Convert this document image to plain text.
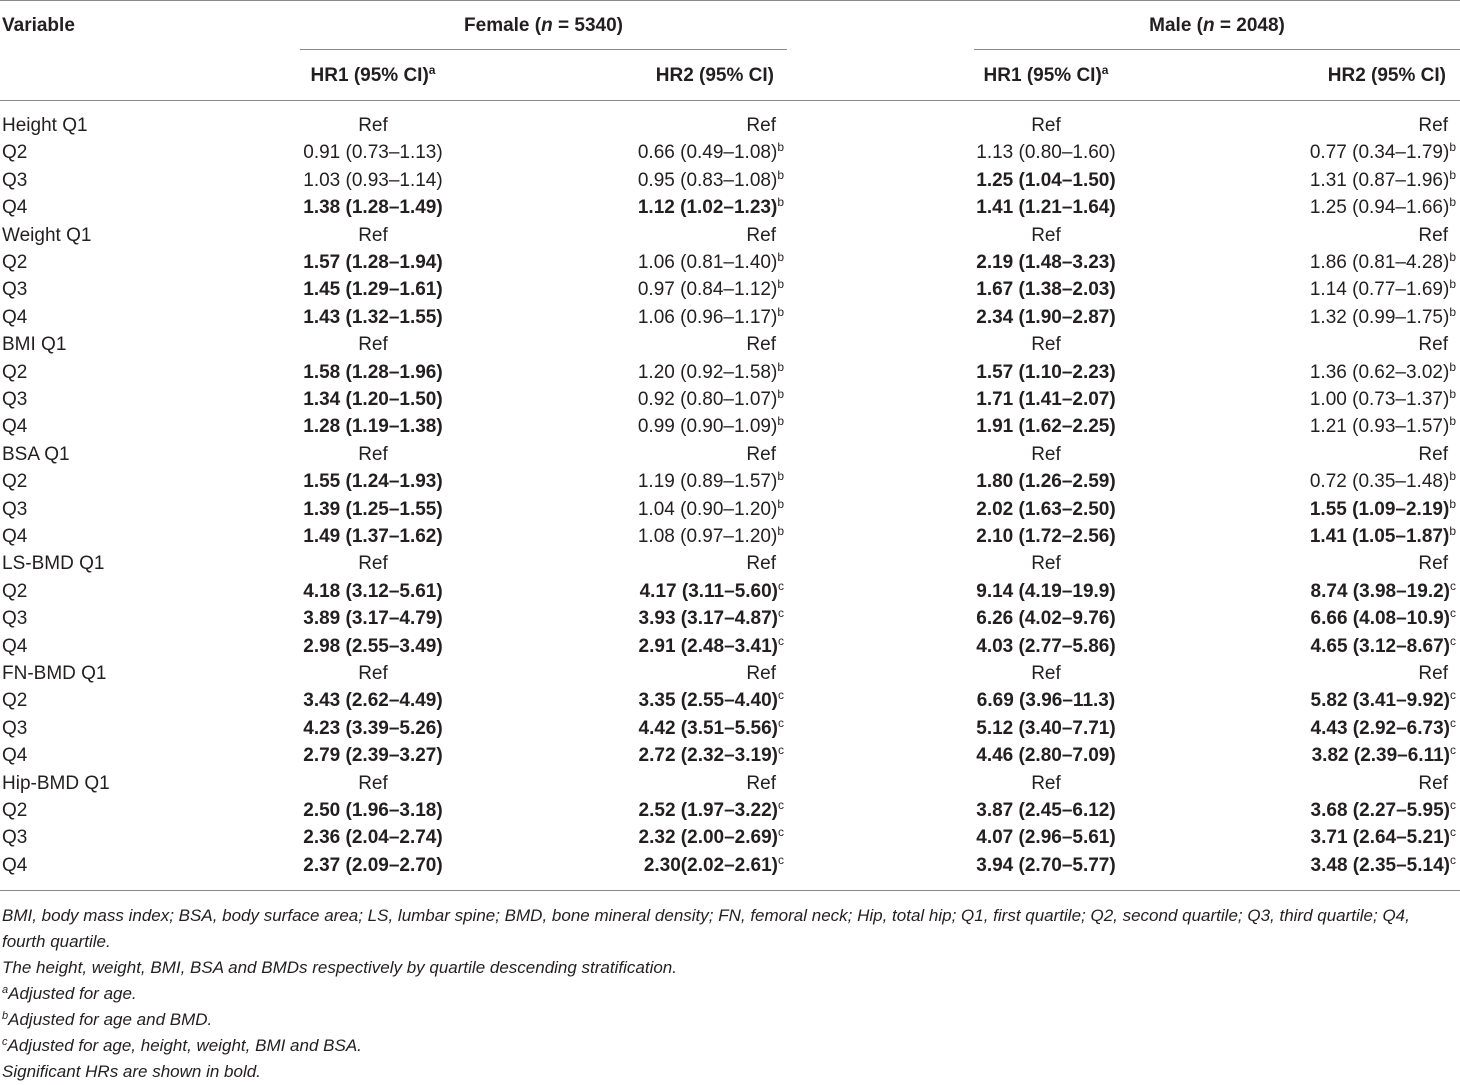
Variable	Female (n = 5340)	Male (n = 2048)
HR1 (95% CI)$^a$	HR2 (95% CI)	HR1 (95% CI)$^a$	HR2 (95% CI)
Height Q1	Ref	Ref	Ref	Ref
Q2	0.91 (0.73–1.13)	0.66 $(0.49-1.08)^b$	1.13 (0.80–1.60)	0.77 $(0.34-1.79)^b$
Q3	1.03 (0.93–1.14)	0.95 $(0.83-1.08)^b$	1.25 (1.04–1.50)	1.31 $(0.87-1.96)^b$
Q4	1.38 (1.28–1.49)	1.12 $(1.02-1.23)^b$	1.41 (1.21–1.64)	1.25 $(0.94-1.66)^b$
Weight Q1	Ref	Ref	Ref	Ref
Q2	1.57 (1.28–1.94)	1.06 $(0.81-1.40)^b$	2.19 (1.48–3.23)	1.86 $(0.81-4.28)^b$
Q3	1.45 (1.29–1.61)	0.97 $(0.84-1.12)^b$	1.67 (1.38–2.03)	1.14 $(0.77-1.69)^b$
Q4	1.43 (1.32–1.55)	1.06 $(0.96-1.17)^b$	2.34 (1.90–2.87)	1.32 $(0.99-1.75)^b$
BMI Q1	Ref	Ref	Ref	Ref
Q2	1.58 (1.28–1.96)	1.20 $(0.92-1.58)^b$	1.57 (1.10–2.23)	1.36 $(0.62-3.02)^b$
Q3	1.34 (1.20–1.50)	0.92 $(0.80-1.07)^b$	1.71 (1.41–2.07)	1.00 $(0.73-1.37)^b$
Q4	1.28 (1.19–1.38)	0.99 $(0.90-1.09)^b$	1.91 (1.62–2.25)	1.21 $(0.93-1.57)^b$
BSA Q1	Ref	Ref	Ref	Ref
Q2	1.55 (1.24–1.93)	1.19 $(0.89-1.57)^b$	1.80 (1.26–2.59)	0.72 $(0.35-1.48)^b$
Q3	1.39 (1.25–1.55)	1.04 $(0.90-1.20)^b$	2.02 (1.63–2.50)	1.55 $(1.09-2.19)^b$
Q4	1.49 (1.37–1.62)	1.08 $(0.97-1.20)^b$	2.10 (1.72–2.56)	1.41 $(1.05-1.87)^b$
LS-BMD Q1	Ref	Ref	Ref	Ref
Q2	4.18 (3.12–5.61)	4.17 $(3.11-5.60)^c$	9.14 (4.19–19.9)	8.74 $(3.98-19.2)^c$
Q3	3.89 (3.17–4.79)	3.93 $(3.17-4.87)^c$	6.26 (4.02–9.76)	6.66 $(4.08-10.9)^c$
Q4	2.98 (2.55–3.49)	2.91 $(2.48-3.41)^c$	4.03 (2.77–5.86)	4.65 $(3.12-8.67)^c$
FN-BMD Q1	Ref	Ref	Ref	Ref
Q2	3.43 (2.62–4.49)	3.35 $(2.55-4.40)^c$	6.69 (3.96–11.3)	5.82 $(3.41-9.92)^c$
Q3	4.23 (3.39–5.26)	4.42 $(3.51-5.56)^c$	5.12 (3.40–7.71)	4.43 $(2.92-6.73)^c$
Q4	2.79 (2.39–3.27)	2.72 $(2.32-3.19)^c$	4.46 (2.80–7.09)	3.82 $(2.39-6.11)^c$
Hip-BMD Q1	Ref	Ref	Ref	Ref
Q2	2.50 (1.96–3.18)	2.52 $(1.97-3.22)^c$	3.87 (2.45–6.12)	3.68 $(2.27-5.95)^c$
Q3	2.36 (2.04–2.74)	2.32 $(2.00-2.69)^c$	4.07 (2.96–5.61)	3.71 $(2.64-5.21)^c$
Q4	2.37 (2.09–2.70)	$2.30(2.02-2.61)^c$	3.94 (2.70–5.77)	3.48 $(2.35-5.14)^c$

BMI, body mass index; BSA, body surface area; LS, lumbar spine; BMD, bone mineral density; FN, femoral neck; Hip, total hip; Q1, first quartile; Q2, second quartile; Q3, third quartile; Q4, fourth quartile.

The height, weight, BMI, BSA and BMDs respectively by quartile descending stratification.

$^a$Adjusted for age.

$^b$Adjusted for age and BMD.

$^c$Adjusted for age, height, weight, BMI and BSA.

Significant HRs are shown in bold.
